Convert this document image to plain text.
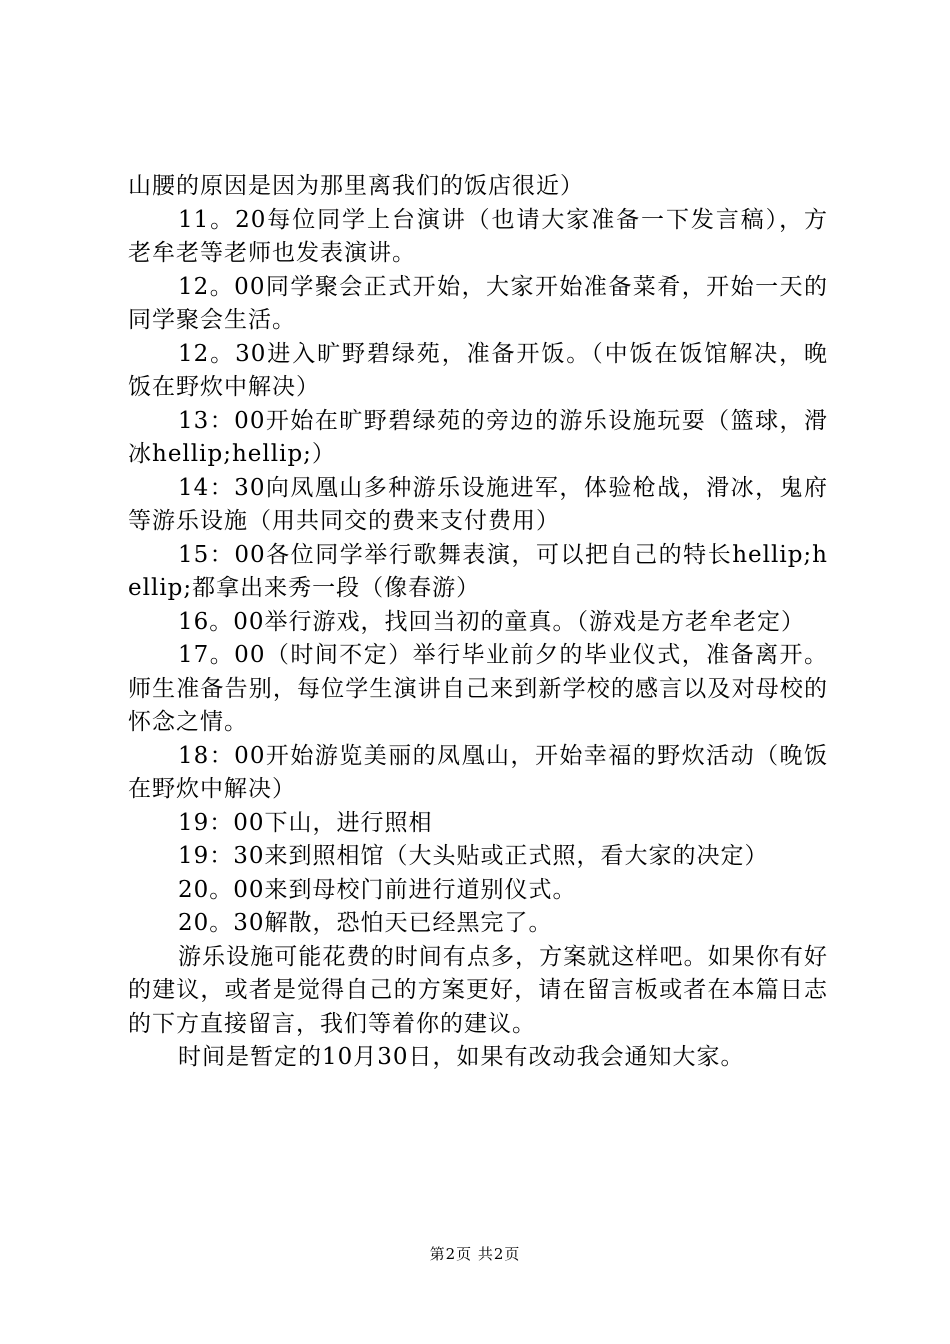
山腰的原因是因为那里离我们的饭店很近）

11。20每位同学上台演讲（也请大家准备一下发言稿），方老牟老等老师也发表演讲。

12。00同学聚会正式开始，大家开始准备菜肴，开始一天的同学聚会生活。

12。30进入旷野碧绿苑，准备开饭。（中饭在饭馆解决，晚饭在野炊中解决）

13：00开始在旷野碧绿苑的旁边的游乐设施玩耍（篮球，滑冰hellip;hellip;）

14：30向凤凰山多种游乐设施进军，体验枪战，滑冰，鬼府等游乐设施（用共同交的费来支付费用）

15：00各位同学举行歌舞表演，可以把自己的特长hellip;hellip;都拿出来秀一段（像春游）

16。00举行游戏，找回当初的童真。（游戏是方老牟老定）

17。00（时间不定）举行毕业前夕的毕业仪式，准备离开。师生准备告别，每位学生演讲自己来到新学校的感言以及对母校的怀念之情。

18：00开始游览美丽的凤凰山，开始幸福的野炊活动（晚饭在野炊中解决）

19：00下山，进行照相

19：30来到照相馆（大头贴或正式照，看大家的决定）

20。00来到母校门前进行道别仪式。

20。30解散，恐怕天已经黑完了。

游乐设施可能花费的时间有点多，方案就这样吧。如果你有好的建议，或者是觉得自己的方案更好，请在留言板或者在本篇日志的下方直接留言，我们等着你的建议。

时间是暂定的10月30日，如果有改动我会通知大家。

第2页 共2页
